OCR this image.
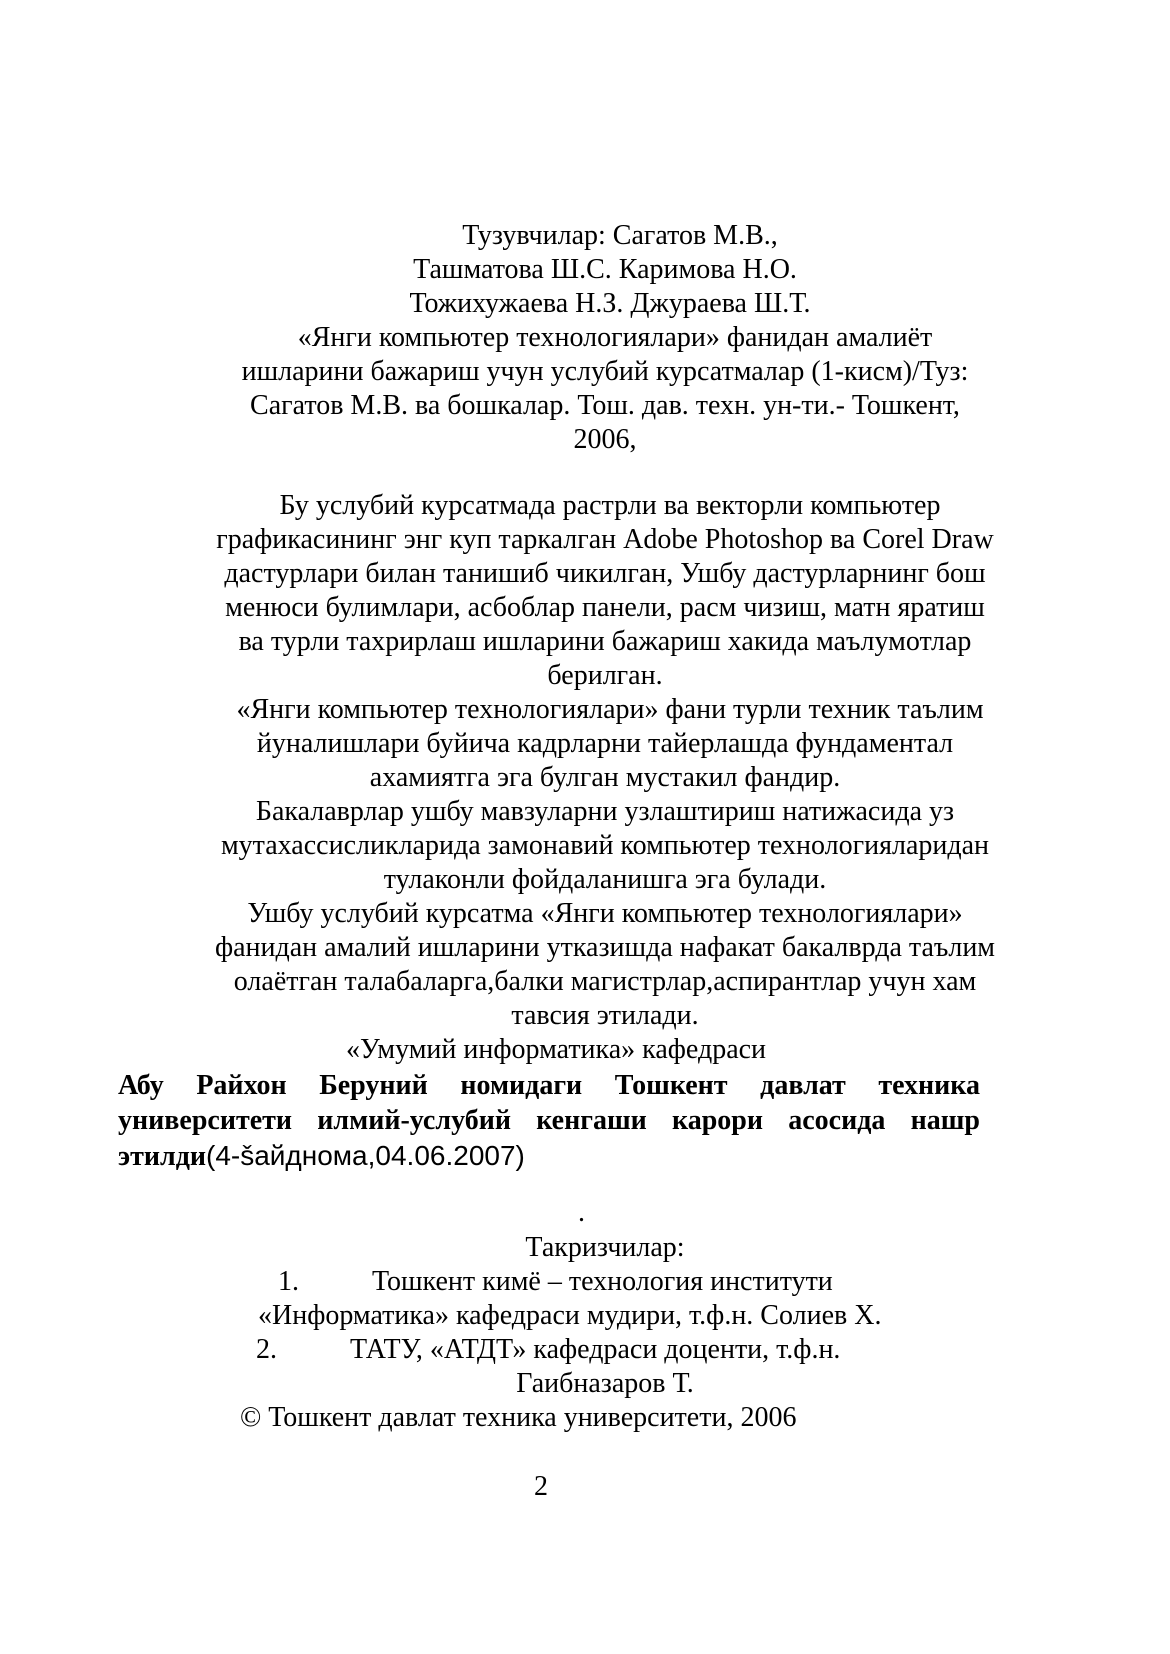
Тузувчилар: Сагатов М.В.,

Ташматова Ш.С. Каримова Н.О.

Тожихужаева Н.З. Джураева Ш.Т.

«Янги компьютер технологиялари» фанидан амалиёт

ишларини бажариш учун услубий курсатмалар (1-кисм)/Туз:

Сагатов М.В. ва бошкалар. Тош. дав. техн. ун-ти.- Тошкент,

2006,

Бу услубий курсатмада растрли ва векторли компьютер

графикасининг энг куп таркалган Adobe Photoshop ва Corel Draw

дастурлари билан танишиб чикилган, Ушбу дастурларнинг бош

менюси булимлари, асбоблар панели, расм чизиш, матн яратиш

ва турли тахрирлаш ишларини бажариш хакида маълумотлар

берилган.

«Янги компьютер технологиялари» фани турли техник таълим

йуналишлари буйича кадрларни тайерлашда фундаментал

ахамиятга эга булган мустакил фандир.

Бакалаврлар ушбу мавзуларни узлаштириш натижасида уз

мутахассисликларида замонавий компьютер технологияларидан

тулаконли фойдаланишга эга булади.

Ушбу услубий курсатма «Янги компьютер технологиялари»

фанидан амалий ишларини утказишда нафакат бакалврда таълим

олаётган талабаларга,балки магистрлар,аспирантлар учун хам

тавсия этилади.

«Умумий информатика» кафедраси

Абу Райхон Беруний номидаги Тошкент давлат техника университети илмий-услубий кенгаши карори асосида нашр этилди(4-šайднома,04.06.2007)

.

Такризчилар:

1.	Тошкент кимё – технология институти

«Информатика» кафедраси мудири, т.ф.н. Солиев Х.

2.	ТАТУ, «АТДТ» кафедраси доценти, т.ф.н.

Гаибназаров Т.

© Тошкент давлат техника университети, 2006

2
